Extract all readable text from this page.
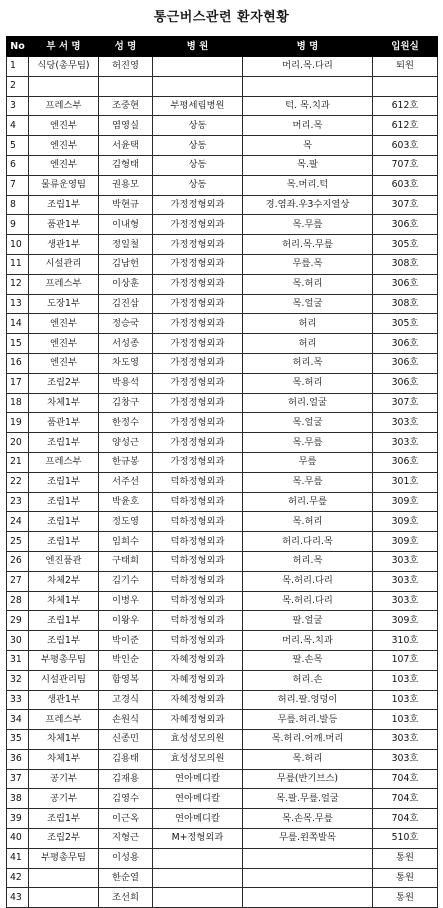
통근버스관련 환자현황
No	부 서 명	성 명	병 원	병 명	입원실
1	식당(총무팀)	허진영		머리.목.다리	퇴원
2					
3	프레스부	조중현	부평세림병원	턱. 목.치과	612호
4	엔진부	염영실	상동	머리.목	612호
5	엔진부	서윤택	상동	목	603호
6	엔진부	김형태	상동	목.팔	707호
7	물류운영팀	권용모	상동	목.머리.턱	603호
8	조립1부	박현규	가정정형외과	경.염좌.우3수지열상	307호
9	품관1부	이내형	가정정형외과	목.무릎	306호
10	생관1부	정일철	가정정형외과	허리.목.무릎	305호
11	시설관리	김남헌	가정정형외과	무릎.목	308호
12	프레스부	이상훈	가정정형외과	목.허리	306호
13	도장1부	김진삼	가정정형외과	목.얼굴	308호
14	엔진부	정승국	가정정형외과	허리	305호
15	엔진부	서성종	가정정형외과	허리	306호
16	엔진부	차도영	가정정형외과	허리.목	306호
17	조립2부	박용석	가정정형외과	목.허리	306호
18	차체1부	김창구	가정정형외과	허리.얼굴	307호
19	품관1부	한정수	가정정형외과	목.얼굴	303호
20	조립1부	양성근	가정정형외과	목.무릎	303호
21	프레스부	한규봉	가정정형외과	무릎	306호
22	조립1부	서주선	덕하정형외과	목.무릎	301호
23	조립1부	박윤호	덕하정형외과	허리.무릎	309호
24	조립1부	정도영	덕하정형외과	목.허리	309호
25	조립1부	임희수	덕하정형외과	허리.다리.목	309호
26	엔진품관	구태희	덕하정형외과	허리.목	303호
27	차체2부	김기수	덕하정형외과	목.허리.다리	303호
28	차체1부	이병우	덕하정형외과	목.허리.다리	303호
29	조립1부	이왕우	덕하정형외과	팔.얼굴	309호
30	조립1부	박이준	덕하정형외과	머리.목.치과	310호
31	부평총무팀	박인순	자혜정형외과	팔.손목	107호
32	시설관리팀	함영복	자혜정형외과	허리.손	103호
33	생관1부	고경식	자혜정형외과	허리.팔.엉덩이	103호
34	프레스부	손원식	자혜정형외과	무릎.허리.발등	103호
35	차체1부	신종민	효성성모의원	목.허리.어깨.머리	303호
36	차체1부	김용태	효성성모의원	목.허리	303호
37	공기부	김재용	연아메디칼	무릎(반기브스)	704호
38	공기부	김영수	연아메디칼	목.팔.무릎.얼굴	704호
39	조립1부	이근옥	연아메디칼	목.손목.무릎	704호
40	조립2부	지형근	M+정형외과	무릎.왼쪽발목	510호
41	부평총무팀	이성용			통원
42		한순열			통원
43		조선희			통원
